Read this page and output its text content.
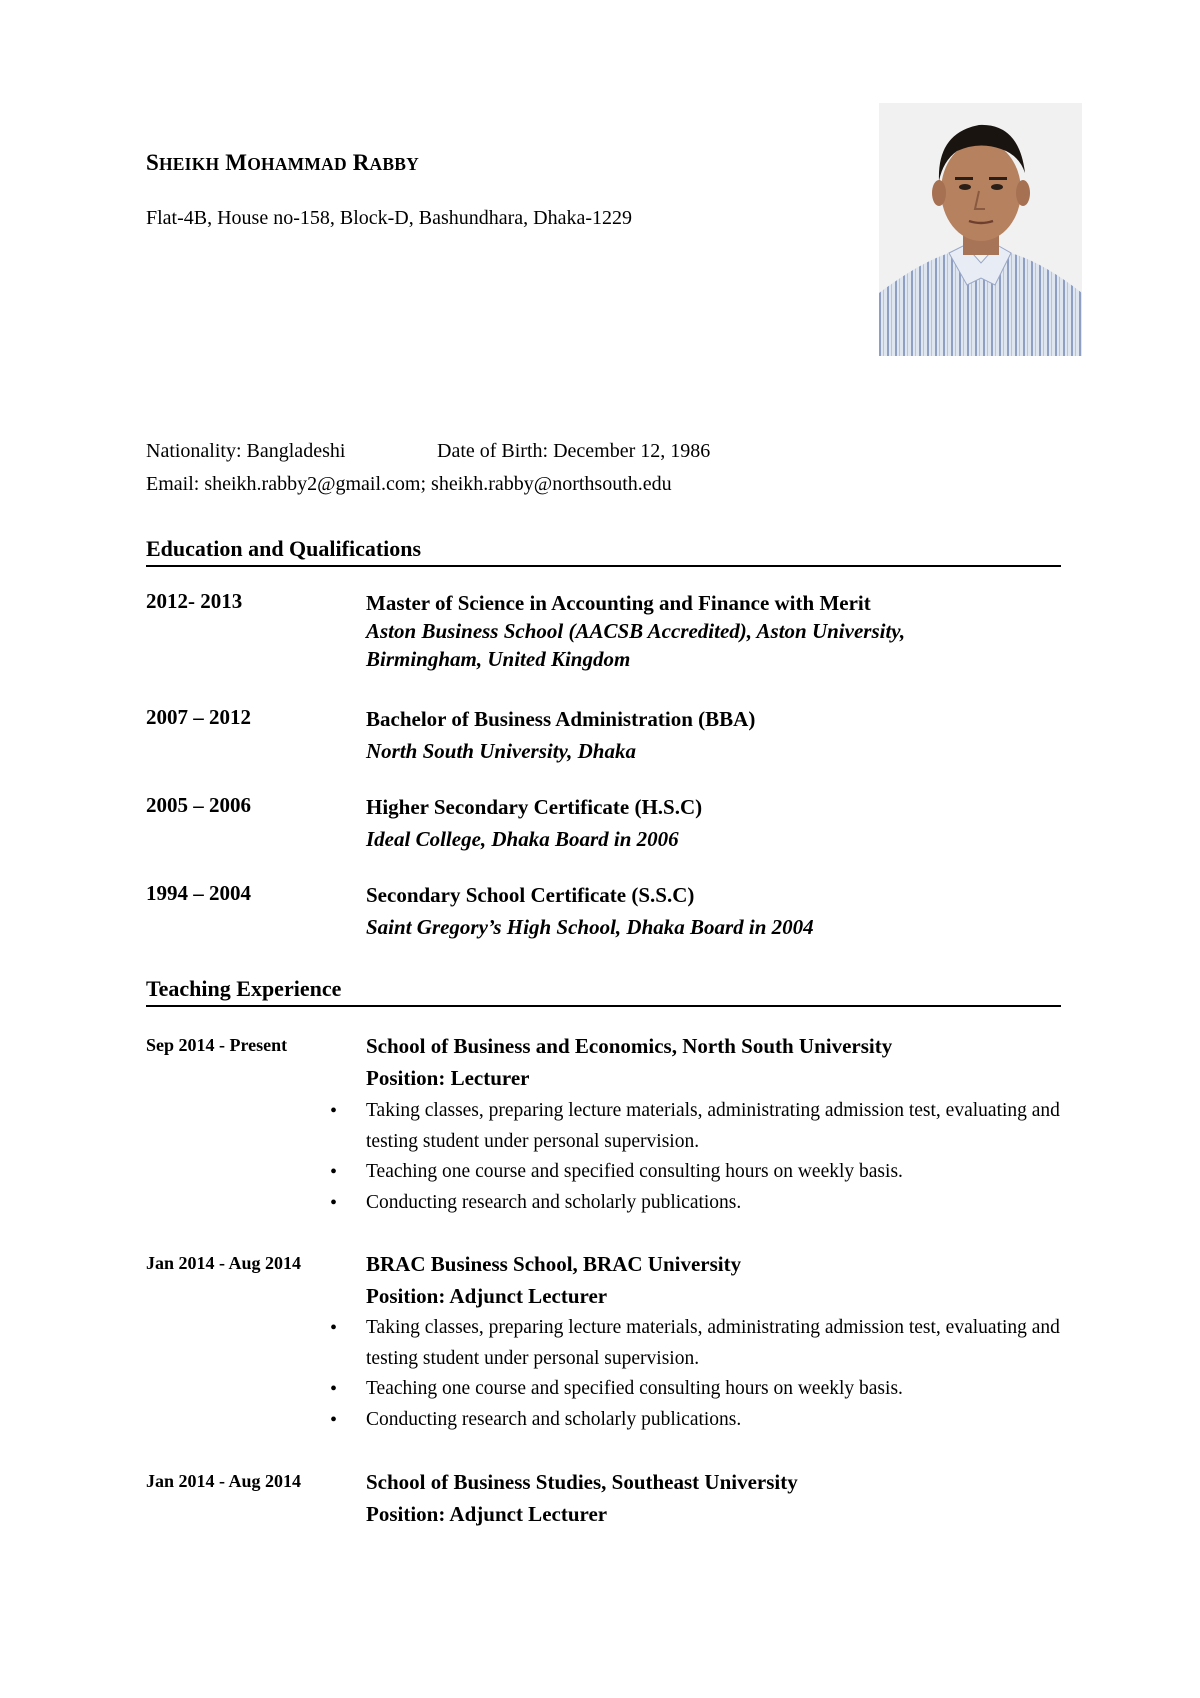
SHEIKH MOHAMMAD RABBY
Flat-4B, House no-158, Block-D, Bashundhara, Dhaka-1229
Nationality: Bangladeshi	Date of Birth: December 12, 1986
Email: sheikh.rabby2@gmail.com; sheikh.rabby@northsouth.edu
Education and Qualifications
2012- 2013	Master of Science in Accounting and Finance with Merit
Aston Business School (AACSB Accredited), Aston University, Birmingham, United Kingdom
2007 – 2012	Bachelor of Business Administration (BBA)
North South University, Dhaka
2005 – 2006	Higher Secondary Certificate (H.S.C)
Ideal College, Dhaka Board in 2006
1994 – 2004	Secondary School Certificate (S.S.C)
Saint Gregory’s High School, Dhaka Board in 2004
Teaching Experience
Sep 2014 - Present	School of Business and Economics, North South University
Position: Lecturer
• Taking classes, preparing lecture materials, administrating admission test, evaluating and testing student under personal supervision.
• Teaching one course and specified consulting hours on weekly basis.
• Conducting research and scholarly publications.
Jan 2014 - Aug 2014	BRAC Business School, BRAC University
Position: Adjunct Lecturer
• Taking classes, preparing lecture materials, administrating admission test, evaluating and testing student under personal supervision.
• Teaching one course and specified consulting hours on weekly basis.
• Conducting research and scholarly publications.
Jan 2014 - Aug 2014	School of Business Studies, Southeast University
Position: Adjunct Lecturer
